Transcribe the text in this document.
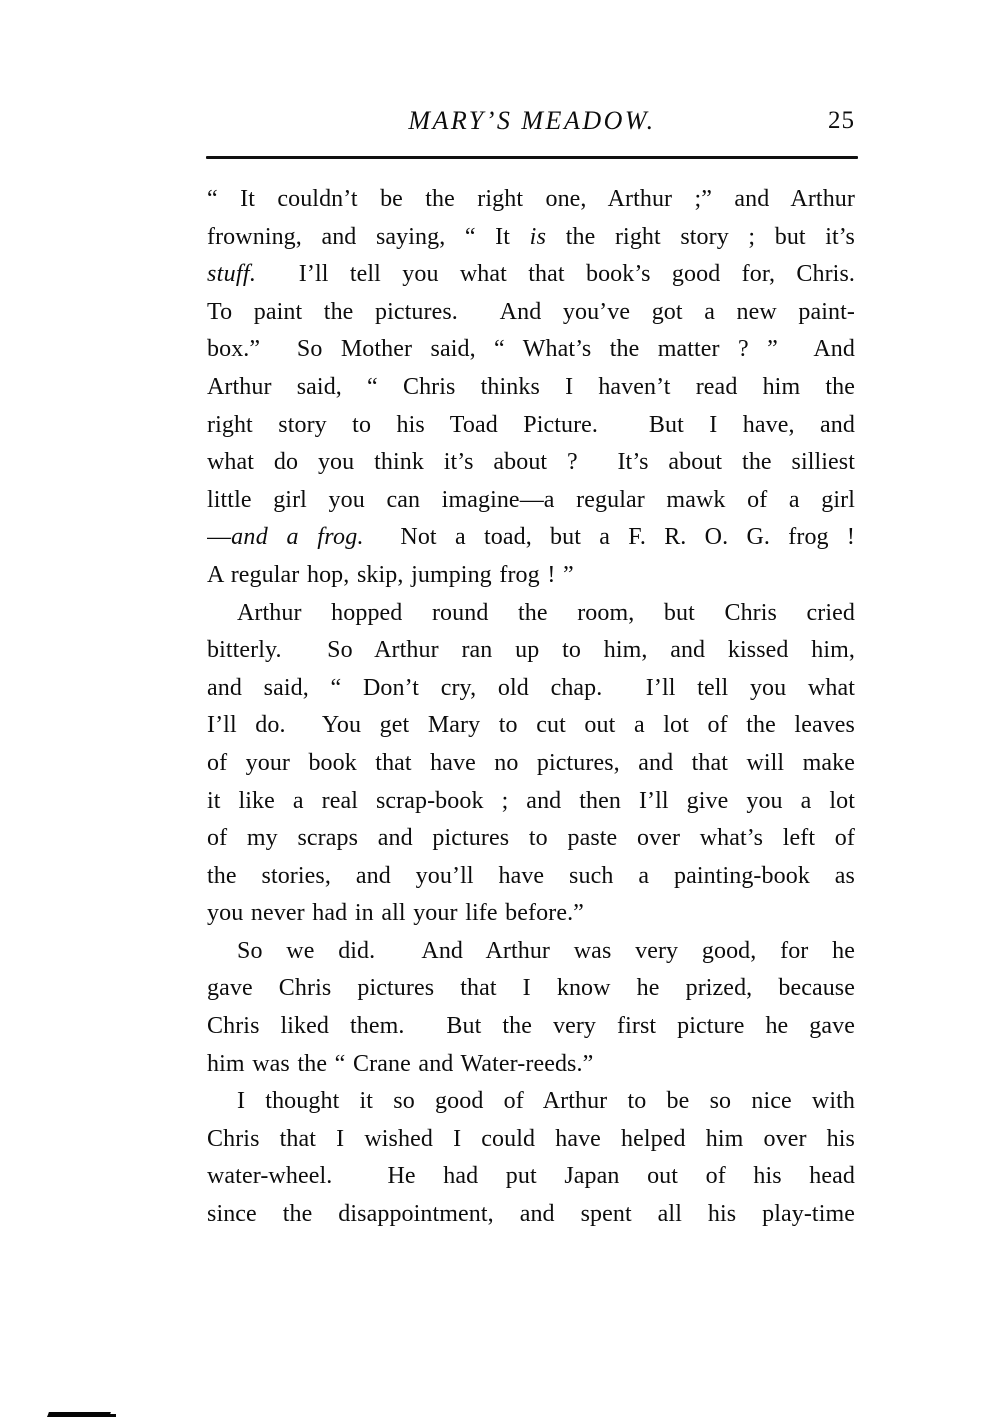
MARY’S MEADOW.	25
“ It couldn’t be the right one, Arthur ;” and Arthur
frowning, and saying, “ It is the right story ; but it’s
stuff.  I’ll tell you what that book’s good for, Chris.
To paint the pictures.  And you’ve got a new paint-
box.”  So Mother said, “ What’s the matter ? ”  And
Arthur said, “ Chris thinks I haven’t read him the
right story to his Toad Picture.  But I have, and
what do you think it’s about ?  It’s about the silliest
little girl you can imagine—a regular mawk of a girl
—and a frog.  Not a toad, but a F. R. O. G. frog !
A regular hop, skip, jumping frog ! ”
Arthur hopped round the room, but Chris cried
bitterly.  So Arthur ran up to him, and kissed him,
and said, “ Don’t cry, old chap.  I’ll tell you what
I’ll do.  You get Mary to cut out a lot of the leaves
of your book that have no pictures, and that will make
it like a real scrap-book ; and then I’ll give you a lot
of my scraps and pictures to paste over what’s left of
the stories, and you’ll have such a painting-book as
you never had in all your life before.”
So we did.  And Arthur was very good, for he
gave Chris pictures that I know he prized, because
Chris liked them.  But the very first picture he gave
him was the “ Crane and Water-reeds.”
I thought it so good of Arthur to be so nice with
Chris that I wished I could have helped him over his
water-wheel.  He had put Japan out of his head
since the disappointment, and spent all his play-time
